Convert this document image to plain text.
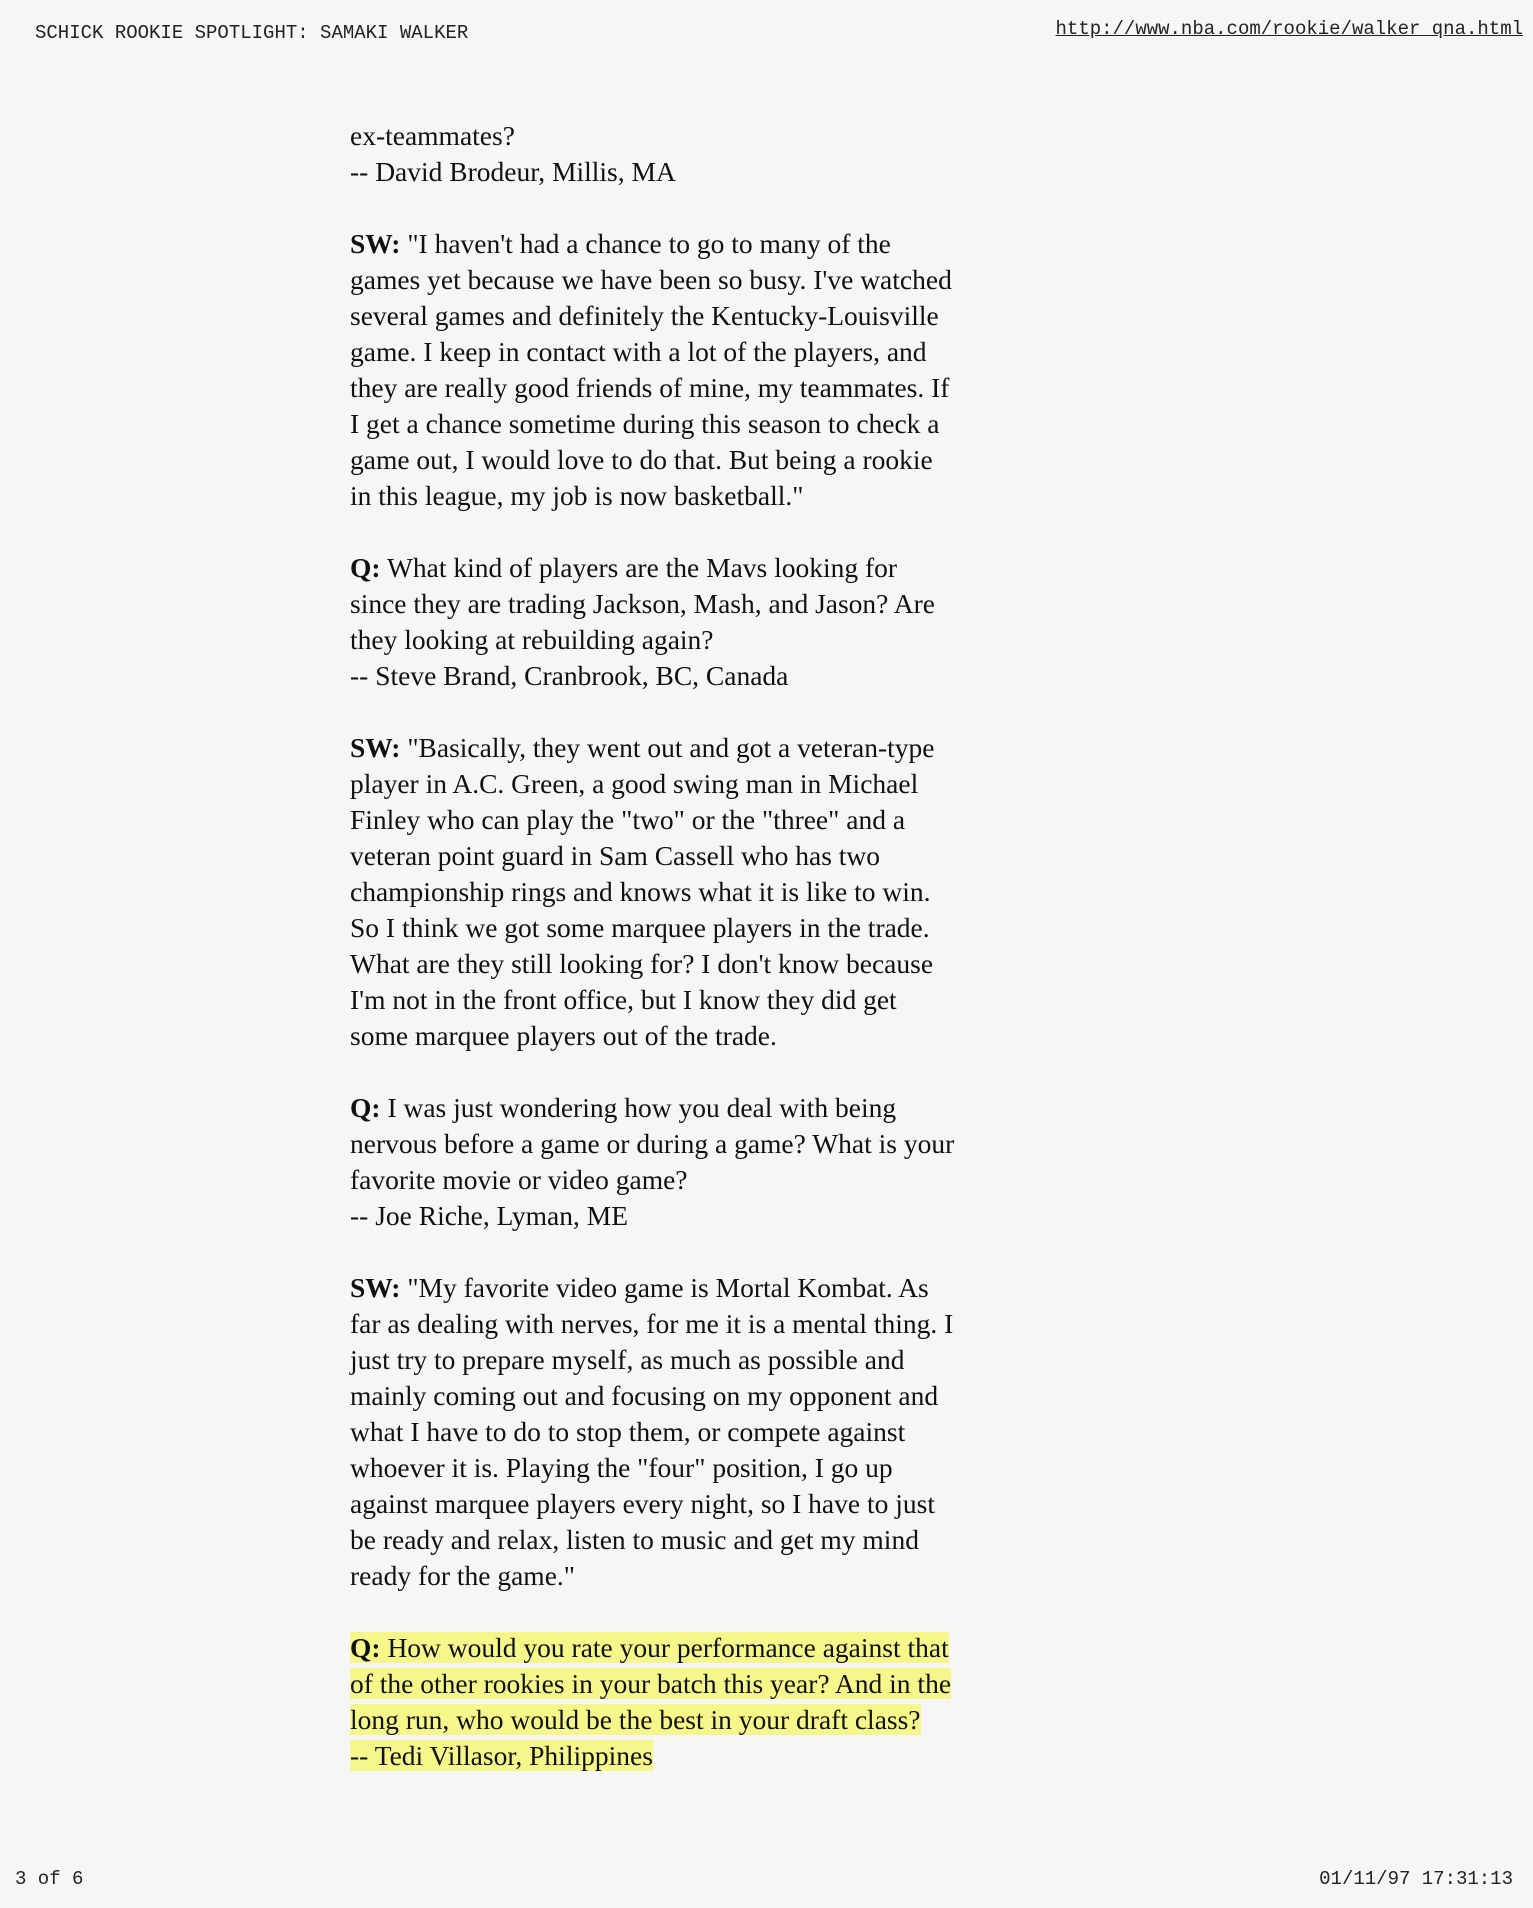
SCHICK ROOKIE SPOTLIGHT: SAMAKI WALKER	http://www.nba.com/rookie/walker_qna.html
ex-teammates?
-- David Brodeur, Millis, MA
SW: "I haven't had a chance to go to many of the
games yet because we have been so busy. I've watched
several games and definitely the Kentucky-Louisville
game. I keep in contact with a lot of the players, and
they are really good friends of mine, my teammates. If
I get a chance sometime during this season to check a
game out, I would love to do that. But being a rookie
in this league, my job is now basketball."
Q: What kind of players are the Mavs looking for
since they are trading Jackson, Mash, and Jason? Are
they looking at rebuilding again?
-- Steve Brand, Cranbrook, BC, Canada
SW: "Basically, they went out and got a veteran-type
player in A.C. Green, a good swing man in Michael
Finley who can play the "two" or the "three" and a
veteran point guard in Sam Cassell who has two
championship rings and knows what it is like to win.
So I think we got some marquee players in the trade.
What are they still looking for? I don't know because
I'm not in the front office, but I know they did get
some marquee players out of the trade.
Q: I was just wondering how you deal with being
nervous before a game or during a game? What is your
favorite movie or video game?
-- Joe Riche, Lyman, ME
SW: "My favorite video game is Mortal Kombat. As
far as dealing with nerves, for me it is a mental thing. I
just try to prepare myself, as much as possible and
mainly coming out and focusing on my opponent and
what I have to do to stop them, or compete against
whoever it is. Playing the "four" position, I go up
against marquee players every night, so I have to just
be ready and relax, listen to music and get my mind
ready for the game."
Q: How would you rate your performance against that
of the other rookies in your batch this year? And in the
long run, who would be the best in your draft class?
-- Tedi Villasor, Philippines
3 of 6	01/11/97 17:31:13
